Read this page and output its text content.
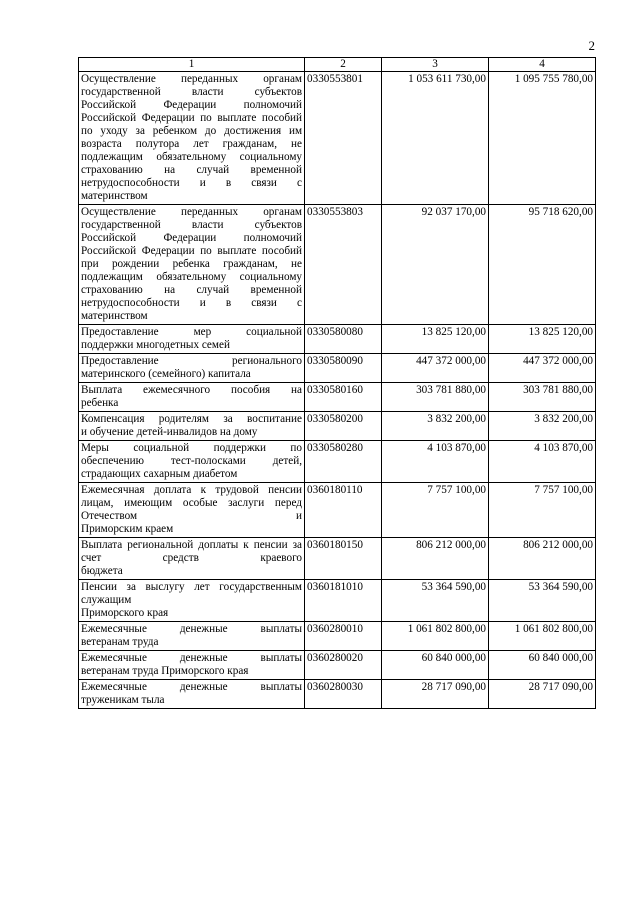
2
1	2	3	4
Осуществление переданных органам государственной власти субъектов Российской Федерации полномочий Российской Федерации по выплате пособий по уходу за ребенком до достижения им возраста полутора лет гражданам, не подлежащим обязательному социальному страхованию на случай временной нетрудоспособности и в связи с
материнством	0330553801	1 053 611 730,00	1 095 755 780,00
Осуществление переданных органам государственной власти субъектов Российской Федерации полномочий Российской Федерации по выплате пособий при рождении ребенка гражданам, не подлежащим обязательному социальному страхованию на случай временной нетрудоспособности и в связи с
материнством	0330553803	92 037 170,00	95 718 620,00
Предоставление мер социальной
поддержки многодетных семей	0330580080	13 825 120,00	13 825 120,00
Предоставление регионального
материнского (семейного) капитала	0330580090	447 372 000,00	447 372 000,00
Выплата ежемесячного пособия на
ребенка	0330580160	303 781 880,00	303 781 880,00
Компенсация родителям за воспитание
и обучение детей-инвалидов на дому	0330580200	3 832 200,00	3 832 200,00
Меры социальной поддержки по обеспечению тест-полосками детей,
страдающих сахарным диабетом	0330580280	4 103 870,00	4 103 870,00
Ежемесячная доплата к трудовой пенсии лицам, имеющим особые заслуги перед Отечеством и
Приморским краем	0360180110	7 757 100,00	7 757 100,00
Выплата региональной доплаты к пенсии за счет средств краевого
бюджета	0360180150	806 212 000,00	806 212 000,00
Пенсии за выслугу лет государственным служащим
Приморского края	0360181010	53 364 590,00	53 364 590,00
Ежемесячные денежные выплаты
ветеранам труда	0360280010	1 061 802 800,00	1 061 802 800,00
Ежемесячные денежные выплаты
ветеранам труда Приморского края	0360280020	60 840 000,00	60 840 000,00
Ежемесячные денежные выплаты
труженикам тыла	0360280030	28 717 090,00	28 717 090,00
